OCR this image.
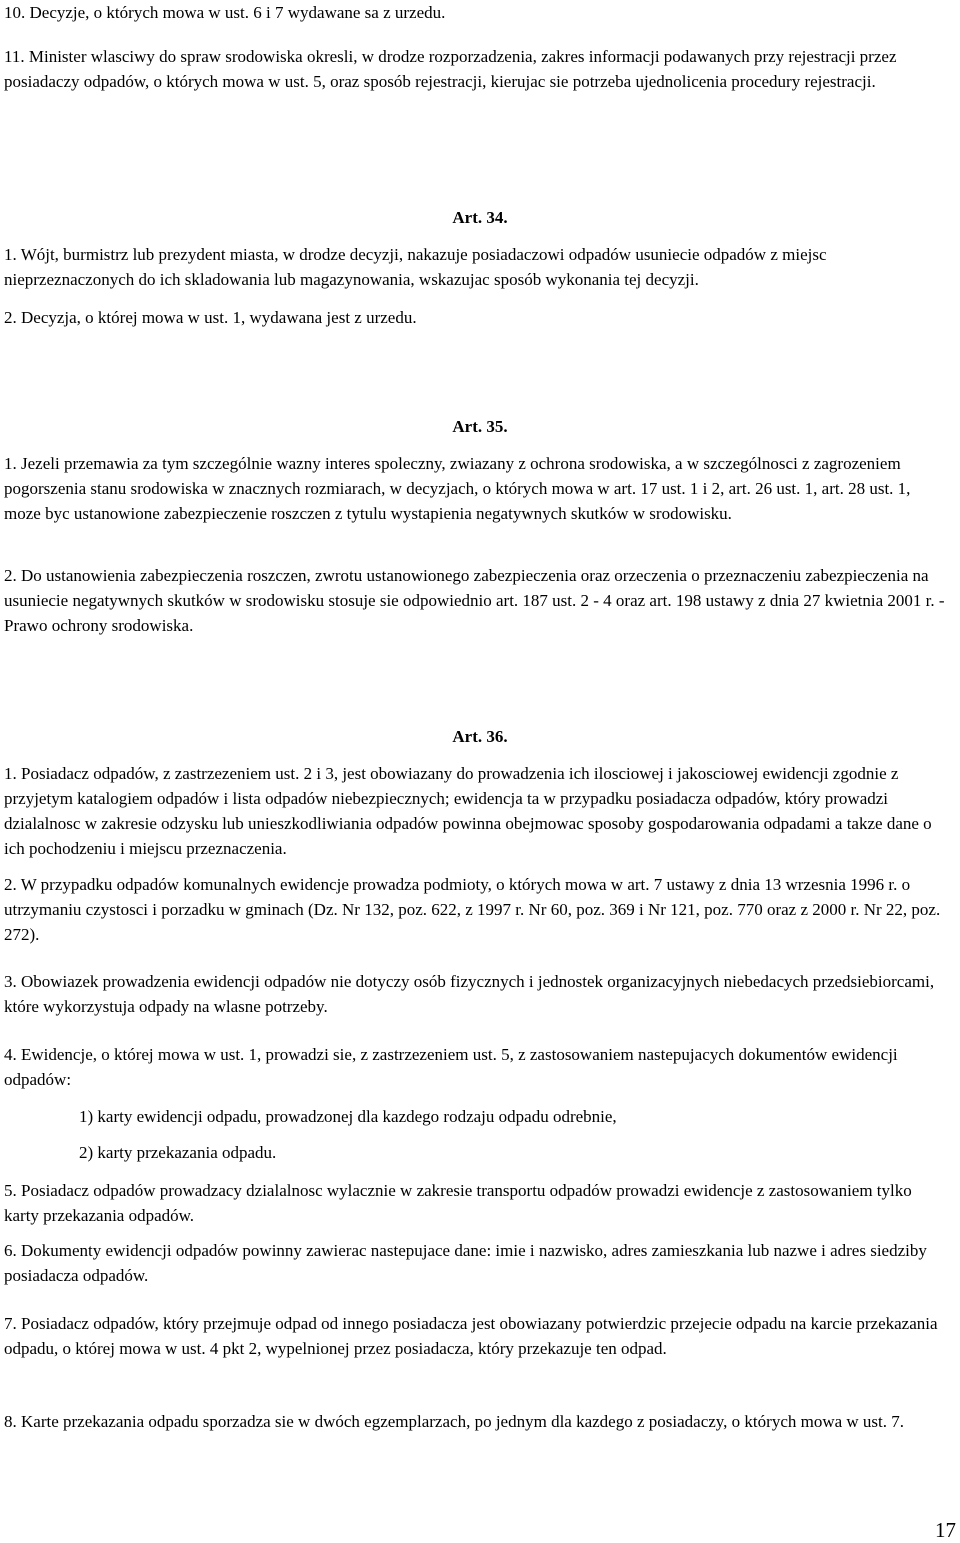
10. Decyzje, o których mowa w ust. 6 i 7 wydawane sa z urzedu.

11. Minister wlasciwy do spraw srodowiska okresli, w drodze rozporzadzenia, zakres informacji podawanych przy rejestracji przez posiadaczy odpadów, o których mowa w ust. 5, oraz sposób rejestracji, kierujac sie potrzeba ujednolicenia procedury rejestracji.

Art. 34.

1. Wójt, burmistrz lub prezydent miasta, w drodze decyzji, nakazuje posiadaczowi odpadów usuniecie odpadów z miejsc nieprzeznaczonych do ich skladowania lub magazynowania, wskazujac sposób wykonania tej decyzji.

2. Decyzja, o której mowa w ust. 1, wydawana jest z urzedu.

Art. 35.

1. Jezeli przemawia za tym szczególnie wazny interes spoleczny, zwiazany z ochrona srodowiska, a w szczególnosci z zagrozeniem pogorszenia stanu srodowiska w znacznych rozmiarach, w decyzjach, o których mowa w art. 17 ust. 1 i 2, art. 26 ust. 1, art. 28 ust. 1, moze byc ustanowione zabezpieczenie roszczen z tytulu wystapienia negatywnych skutków w srodowisku.

2. Do ustanowienia zabezpieczenia roszczen, zwrotu ustanowionego zabezpieczenia oraz orzeczenia o przeznaczeniu zabezpieczenia na usuniecie negatywnych skutków w srodowisku stosuje sie odpowiednio art. 187 ust. 2 - 4 oraz art. 198 ustawy z dnia 27 kwietnia 2001 r. - Prawo ochrony srodowiska.

Art. 36.

1. Posiadacz odpadów, z zastrzezeniem ust. 2 i 3, jest obowiazany do prowadzenia ich ilosciowej i jakosciowej ewidencji zgodnie z przyjetym katalogiem odpadów i lista odpadów niebezpiecznych; ewidencja ta w przypadku posiadacza odpadów, który prowadzi dzialalnosc w zakresie odzysku lub unieszkodliwiania odpadów powinna obejmowac sposoby gospodarowania odpadami a takze dane o ich pochodzeniu i miejscu przeznaczenia.

2. W przypadku odpadów komunalnych ewidencje prowadza podmioty, o których mowa w art. 7 ustawy z dnia 13 wrzesnia 1996 r. o utrzymaniu czystosci i porzadku w gminach (Dz. Nr 132, poz. 622, z 1997 r. Nr 60, poz. 369 i Nr 121, poz. 770 oraz z 2000 r. Nr 22, poz. 272).

3. Obowiazek prowadzenia ewidencji odpadów nie dotyczy osób fizycznych i jednostek organizacyjnych niebedacych przedsiebiorcami, które wykorzystuja odpady na wlasne potrzeby.

4. Ewidencje, o której mowa w ust. 1, prowadzi sie, z zastrzezeniem ust. 5, z zastosowaniem nastepujacych dokumentów ewidencji odpadów:

1) karty ewidencji odpadu, prowadzonej dla kazdego rodzaju odpadu odrebnie,

2) karty przekazania odpadu.

5. Posiadacz odpadów prowadzacy dzialalnosc wylacznie w zakresie transportu odpadów prowadzi ewidencje z zastosowaniem tylko karty przekazania odpadów.

6. Dokumenty ewidencji odpadów powinny zawierac nastepujace dane: imie i nazwisko, adres zamieszkania lub nazwe i adres siedziby posiadacza odpadów.

7. Posiadacz odpadów, który przejmuje odpad od innego posiadacza jest obowiazany potwierdzic przejecie odpadu na karcie przekazania odpadu, o której mowa w ust. 4 pkt 2, wypelnionej przez posiadacza, który przekazuje ten odpad.

8. Karte przekazania odpadu sporzadza sie w dwóch egzemplarzach, po jednym dla kazdego z posiadaczy, o których mowa w ust. 7.

17
